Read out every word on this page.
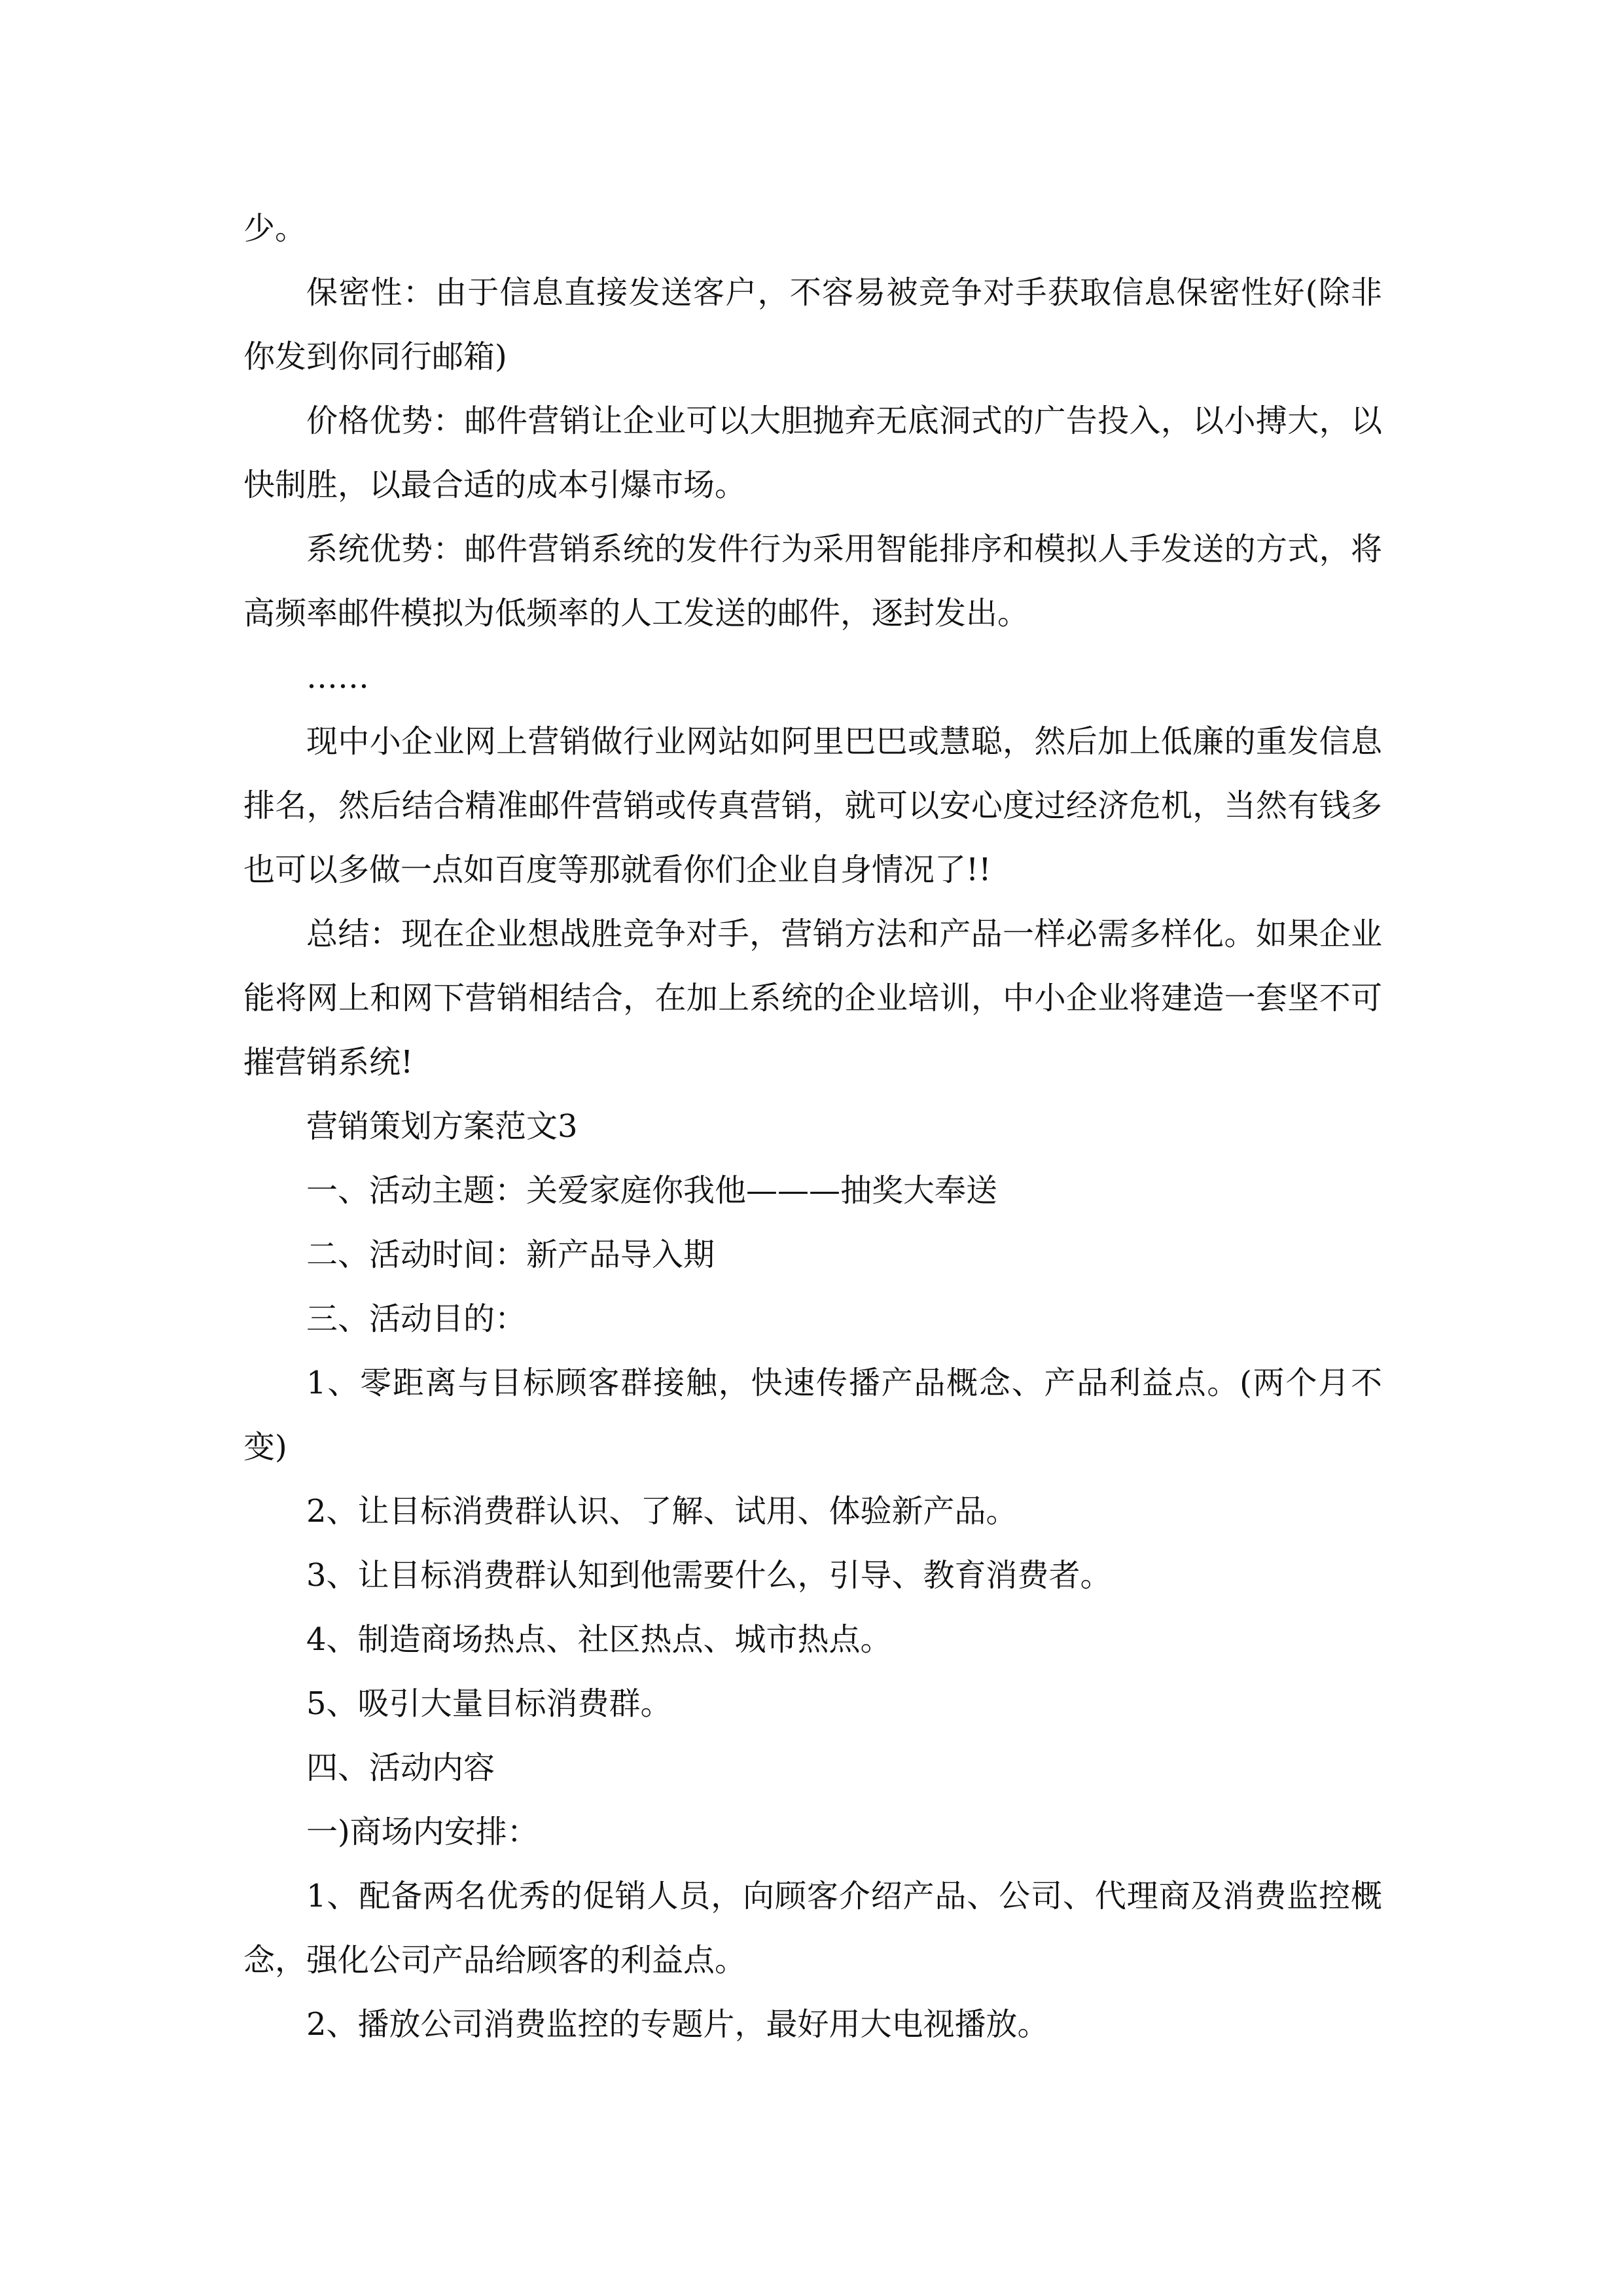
少。

保密性：由于信息直接发送客户，不容易被竞争对手获取信息保密性好(除非你发到你同行邮箱)

价格优势：邮件营销让企业可以大胆抛弃无底洞式的广告投入，以小搏大，以快制胜，以最合适的成本引爆市场。

系统优势：邮件营销系统的发件行为采用智能排序和模拟人手发送的方式，将高频率邮件模拟为低频率的人工发送的邮件，逐封发出。

……

现中小企业网上营销做行业网站如阿里巴巴或慧聪，然后加上低廉的重发信息排名，然后结合精准邮件营销或传真营销，就可以安心度过经济危机，当然有钱多也可以多做一点如百度等那就看你们企业自身情况了!!

总结：现在企业想战胜竞争对手，营销方法和产品一样必需多样化。如果企业能将网上和网下营销相结合，在加上系统的企业培训，中小企业将建造一套坚不可摧营销系统!

营销策划方案范文3

一、活动主题：关爱家庭你我他———抽奖大奉送

二、活动时间：新产品导入期

三、活动目的：

1、零距离与目标顾客群接触，快速传播产品概念、产品利益点。(两个月不变)

2、让目标消费群认识、了解、试用、体验新产品。

3、让目标消费群认知到他需要什么，引导、教育消费者。

4、制造商场热点、社区热点、城市热点。

5、吸引大量目标消费群。

四、活动内容

一)商场内安排：

1、配备两名优秀的促销人员，向顾客介绍产品、公司、代理商及消费监控概念，强化公司产品给顾客的利益点。

2、播放公司消费监控的专题片，最好用大电视播放。
